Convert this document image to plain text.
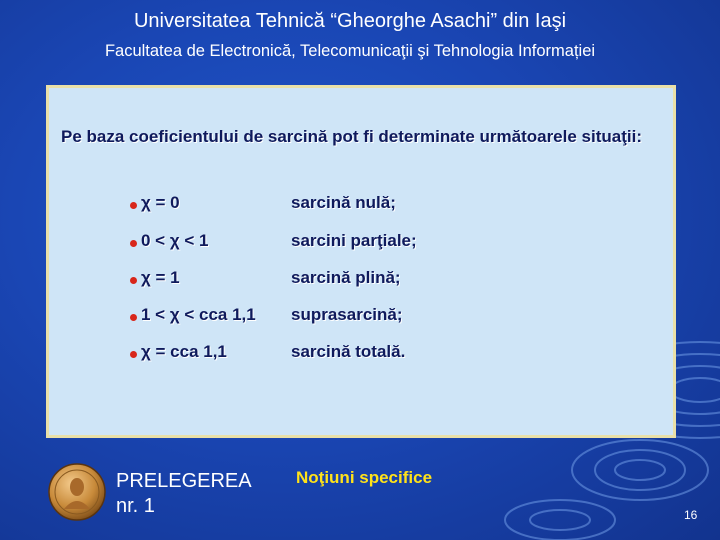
Universitatea Tehnică “Gheorghe Asachi” din Iaşi
Facultatea de Electronică, Telecomunicaţii şi Tehnologia Informației
Pe baza coeficientului de sarcină pot fi determinate următoarele situaţii:
χ = 0	sarcină nulă;
0 < χ < 1	sarcini parţiale;
χ = 1	sarcină plină;
1 < χ < cca 1,1 suprasarcină;
χ = cca 1,1	sarcină totală.
PRELEGEREA
nr. 1
Noţiuni specifice
16
